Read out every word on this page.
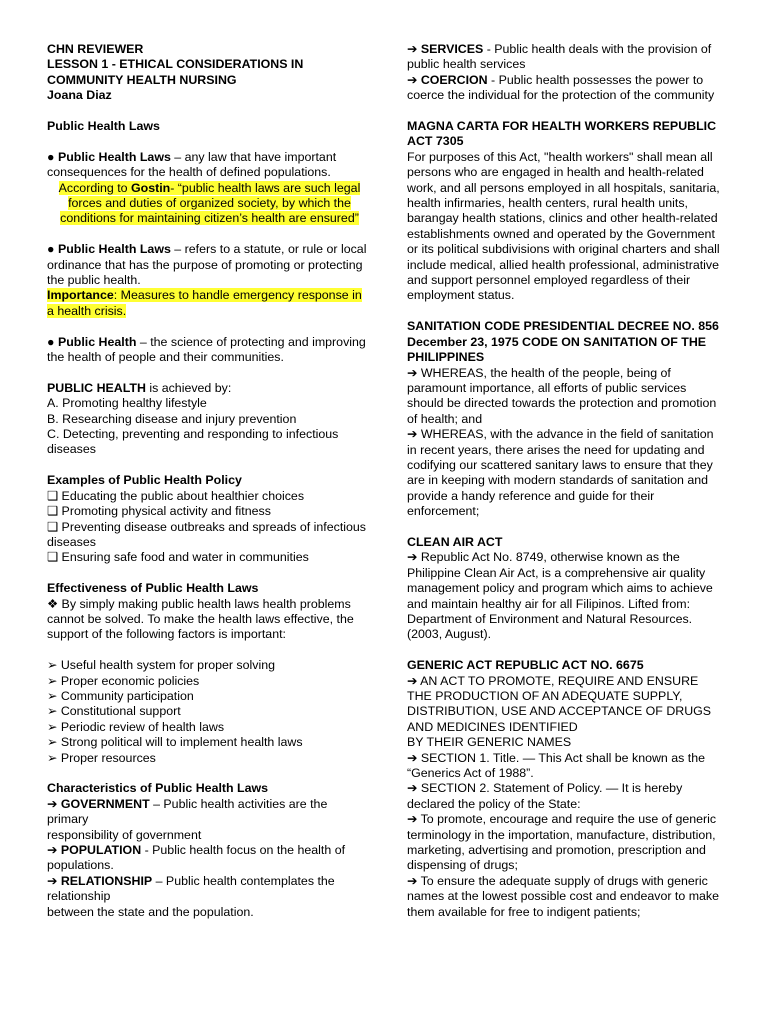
CHN REVIEWER

LESSON 1 - ETHICAL CONSIDERATIONS IN COMMUNITY HEALTH NURSING

Joana Diaz

Public Health Laws

● Public Health Laws – any law that have important consequences for the health of defined populations.

According to Gostin- “public health laws are such legal forces and duties of organized society, by which the conditions for maintaining citizen’s health are ensured”

● Public Health Laws – refers to a statute, or rule or local ordinance that has the purpose of promoting or protecting the public health.

Importance: Measures to handle emergency response in a health crisis.

● Public Health – the science of protecting and improving the health of people and their communities.

PUBLIC HEALTH is achieved by:

A. Promoting healthy lifestyle

B. Researching disease and injury prevention

C. Detecting, preventing and responding to infectious diseases

Examples of Public Health Policy

❑ Educating the public about healthier choices

❑ Promoting physical activity and fitness

❑ Preventing disease outbreaks and spreads of infectious diseases

❑ Ensuring safe food and water in communities

Effectiveness of Public Health Laws

❖ By simply making public health laws health problems cannot be solved. To make the health laws effective, the support of the following factors is important:

➢ Useful health system for proper solving

➢ Proper economic policies

➢ Community participation

➢ Constitutional support

➢ Periodic review of health laws

➢ Strong political will to implement health laws

➢ Proper resources

Characteristics of Public Health Laws

➔ GOVERNMENT – Public health activities are the primary

responsibility of government

➔ POPULATION - Public health focus on the health of populations.

➔ RELATIONSHIP – Public health contemplates the relationship

between the state and the population.

➔ SERVICES - Public health deals with the provision of public health services

➔ COERCION - Public health possesses the power to coerce the individual for the protection of the community

MAGNA CARTA FOR HEALTH WORKERS REPUBLIC ACT 7305

For purposes of this Act, "health workers" shall mean all persons who are engaged in health and health-related work, and all persons employed in all hospitals, sanitaria, health infirmaries, health centers, rural health units, barangay health stations, clinics and other health-related establishments owned and operated by the Government or its political subdivisions with original charters and shall include medical, allied health professional, administrative and support personnel employed regardless of their employment status.

SANITATION CODE PRESIDENTIAL DECREE NO. 856 December 23, 1975 CODE ON SANITATION OF THE PHILIPPINES

➔ WHEREAS, the health of the people, being of paramount importance, all efforts of public services should be directed towards the protection and promotion of health; and

➔ WHEREAS, with the advance in the field of sanitation in recent years, there arises the need for updating and codifying our scattered sanitary laws to ensure that they are in keeping with modern standards of sanitation and provide a handy reference and guide for their enforcement;

CLEAN AIR ACT

➔ Republic Act No. 8749, otherwise known as the Philippine Clean Air Act, is a comprehensive air quality management policy and program which aims to achieve and maintain healthy air for all Filipinos. Lifted from: Department of Environment and Natural Resources. (2003, August).

GENERIC ACT REPUBLIC ACT NO. 6675

➔ AN ACT TO PROMOTE, REQUIRE AND ENSURE THE PRODUCTION OF AN ADEQUATE SUPPLY, DISTRIBUTION, USE AND ACCEPTANCE OF DRUGS AND MEDICINES IDENTIFIED

BY THEIR GENERIC NAMES

➔ SECTION 1. Title. — This Act shall be known as the “Generics Act of 1988”.

➔ SECTION 2. Statement of Policy. — It is hereby declared the policy of the State:

➔ To promote, encourage and require the use of generic terminology in the importation, manufacture, distribution, marketing, advertising and promotion, prescription and dispensing of drugs;

➔ To ensure the adequate supply of drugs with generic names at the lowest possible cost and endeavor to make them available for free to indigent patients;
